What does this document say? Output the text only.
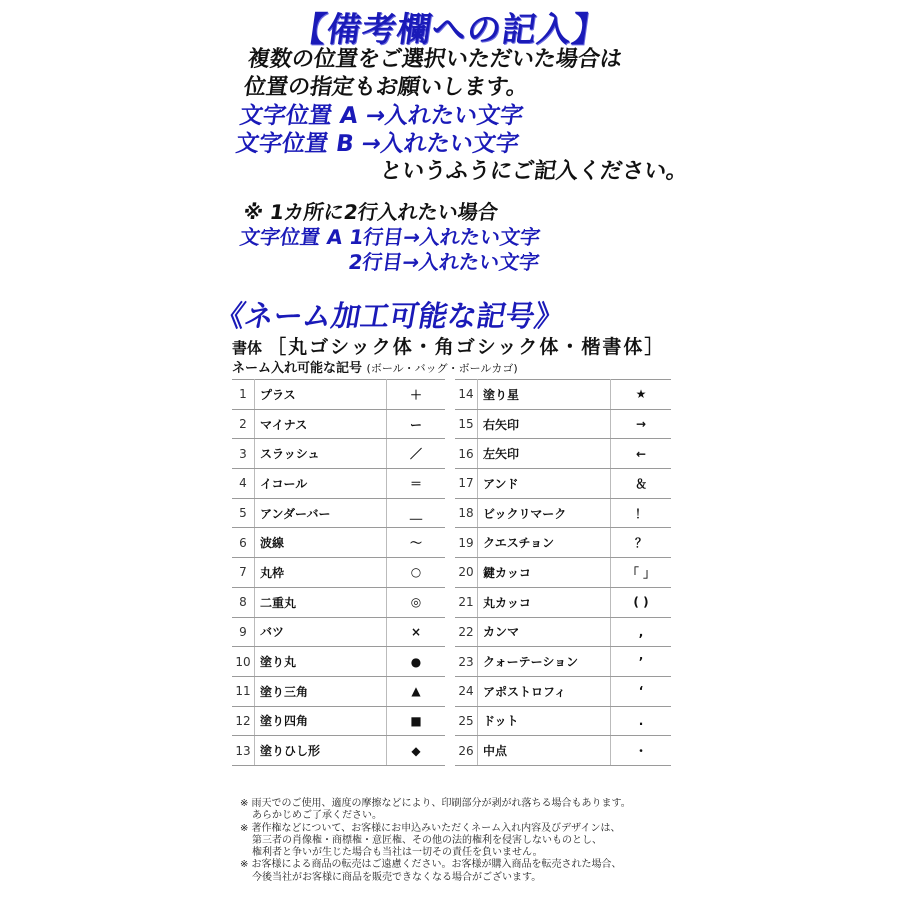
【備考欄への記入】
複数の位置をご選択いただいた場合は
位置の指定もお願いします。
文字位置 A →入れたい文字
文字位置 B →入れたい文字
というふうにご記入ください。
※ 1カ所に2行入れたい場合
文字位置 A 1行目→入れたい文字
2行目→入れたい文字
《ネーム加工可能な記号》
書体 ［丸ゴシック体・角ゴシック体・楷書体］
ネーム入れ可能な記号 (ボール・バッグ・ボールカゴ)
1	プラス	＋
2	マイナス	ー
3	スラッシュ	／
4	イコール	＝
5	アンダーバー	＿
6	波線	～
7	丸枠	○
8	二重丸	◎
9	バツ	×
10	塗り丸	●
11	塗り三角	▲
12	塗り四角	■
13	塗りひし形	◆
14	塗り星	★
15	右矢印	→
16	左矢印	←
17	アンド	＆
18	ビックリマーク	！
19	クエスチョン	？
20	鍵カッコ	「 」
21	丸カッコ	( )
22	カンマ	,
23	クォーテーション	’
24	アポストロフィ	‘
25	ドット	.
26	中点	・
※ 雨天でのご使用、適度の摩擦などにより、印刷部分が剥がれ落ちる場合もあります。
あらかじめご了承ください。
※ 著作権などについて、お客様にお申込みいただくネーム入れ内容及びデザインは、
第三者の肖像権・商標権・意匠権、その他の法的権利を侵害しないものとし、
権利者と争いが生じた場合も当社は一切その責任を負いません。
※ お客様による商品の転売はご遠慮ください。お客様が購入商品を転売された場合、
今後当社がお客様に商品を販売できなくなる場合がございます。
